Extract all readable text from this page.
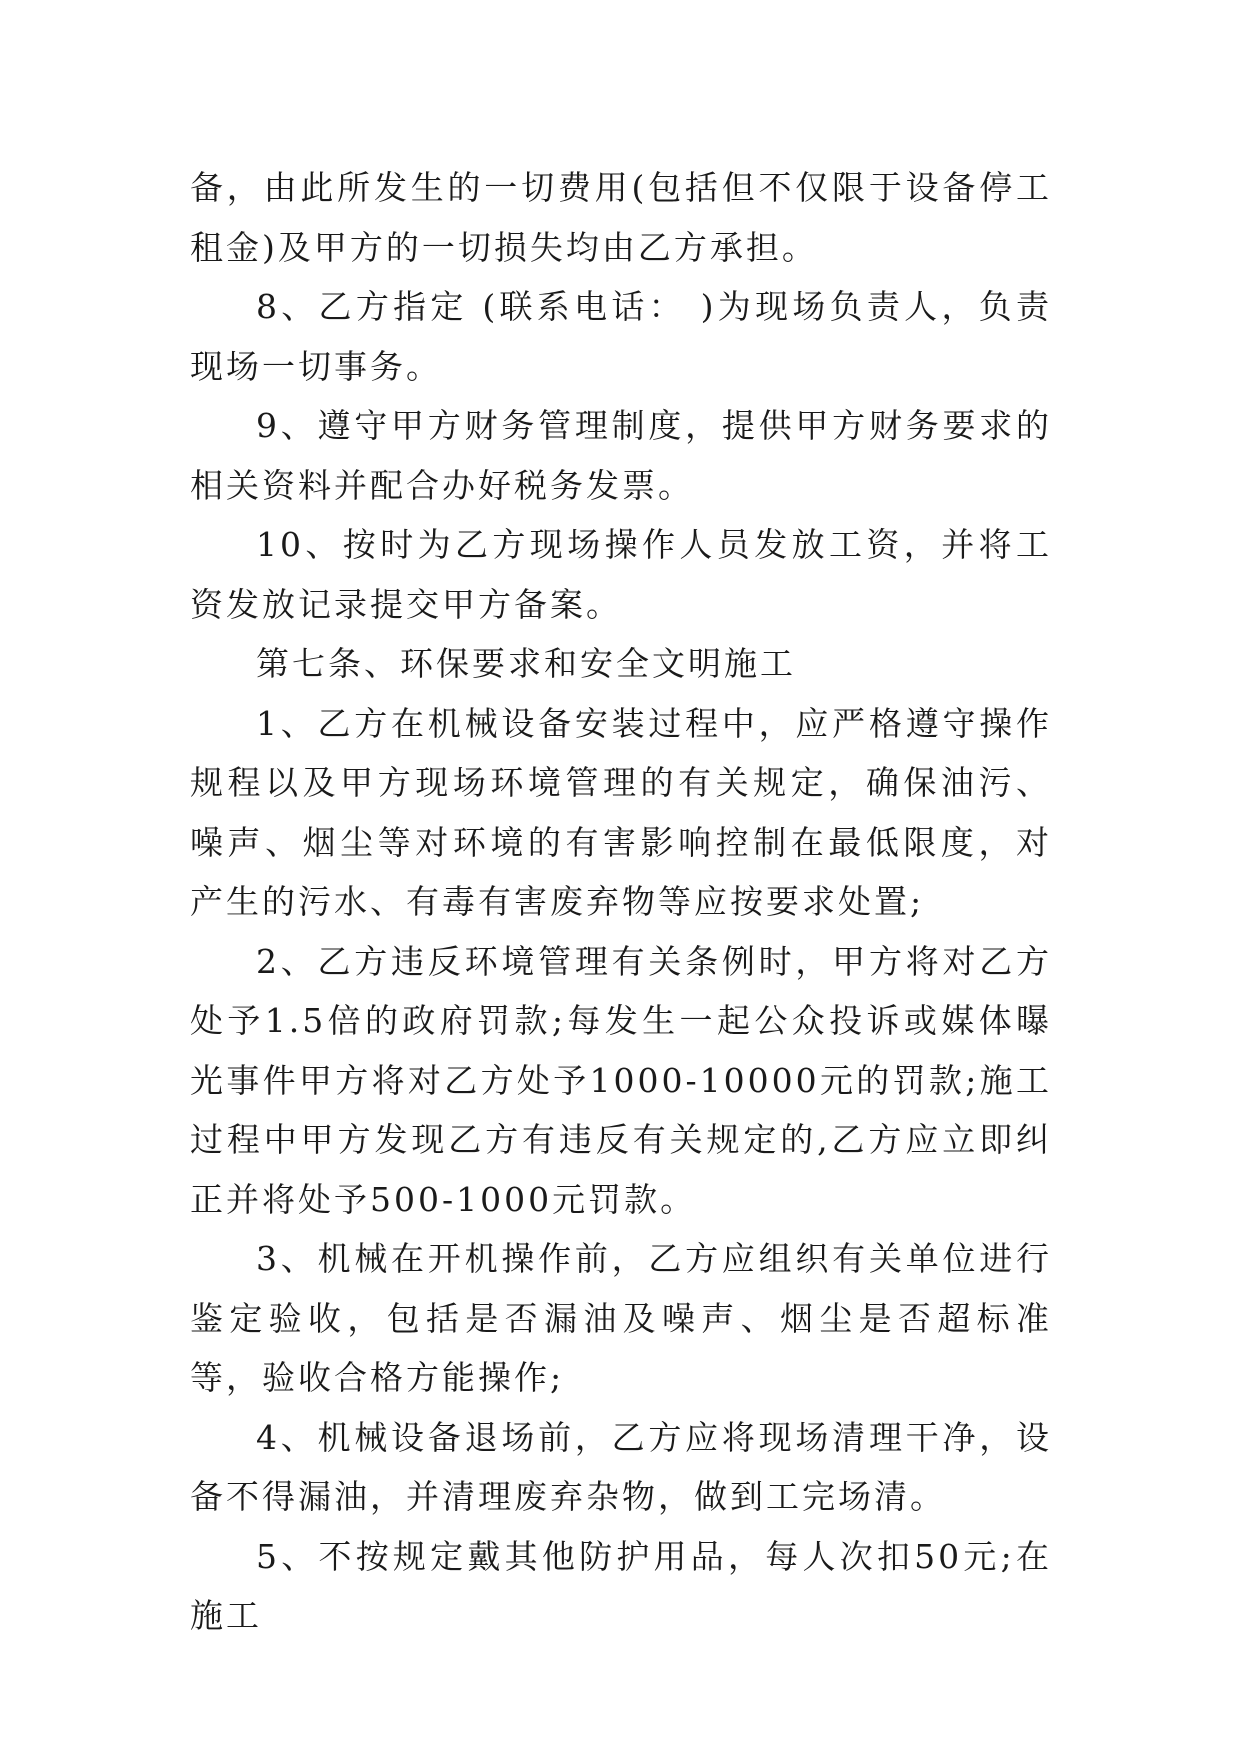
备，由此所发生的一切费用(包括但不仅限于设备停工租金)及甲方的一切损失均由乙方承担。

8、乙方指定 (联系电话： )为现场负责人，负责现场一切事务。

9、遵守甲方财务管理制度，提供甲方财务要求的相关资料并配合办好税务发票。

10、按时为乙方现场操作人员发放工资，并将工资发放记录提交甲方备案。

第七条、环保要求和安全文明施工

1、乙方在机械设备安装过程中，应严格遵守操作规程以及甲方现场环境管理的有关规定，确保油污、噪声、烟尘等对环境的有害影响控制在最低限度，对产生的污水、有毒有害废弃物等应按要求处置;

2、乙方违反环境管理有关条例时，甲方将对乙方处予1.5倍的政府罚款;每发生一起公众投诉或媒体曝光事件甲方将对乙方处予1000-10000元的罚款;施工过程中甲方发现乙方有违反有关规定的,乙方应立即纠正并将处予500-1000元罚款。

3、机械在开机操作前，乙方应组织有关单位进行鉴定验收，包括是否漏油及噪声、烟尘是否超标准等，验收合格方能操作;

4、机械设备退场前，乙方应将现场清理干净，设备不得漏油，并清理废弃杂物，做到工完场清。

5、不按规定戴其他防护用品，每人次扣50元;在施工
